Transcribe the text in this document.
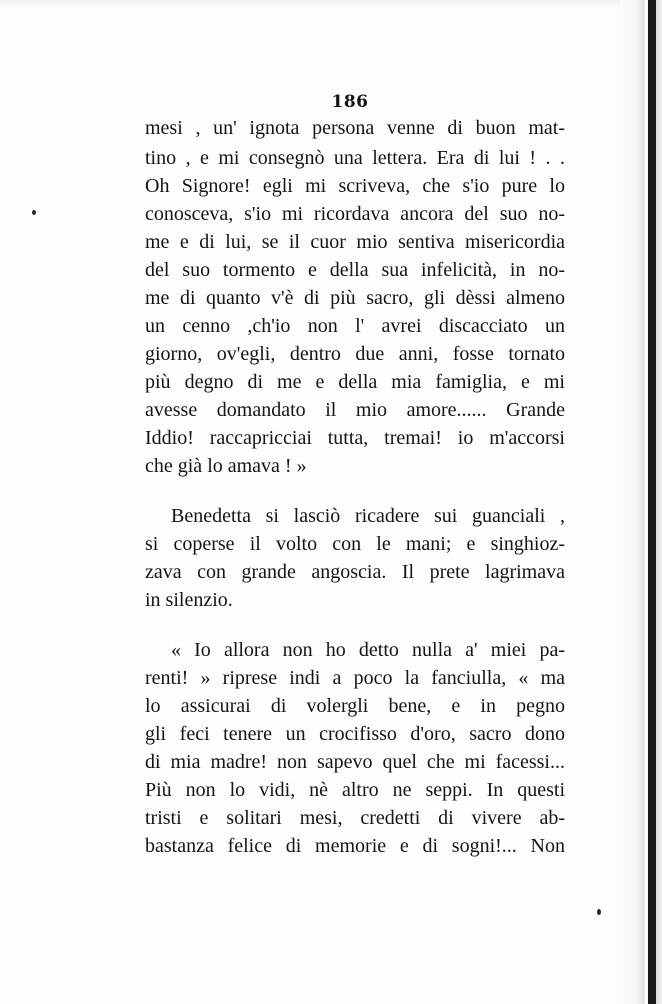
186
mesi , un' ignota persona venne di buon mat-
tino , e mi consegnò una lettera. Era di lui ! . .
Oh Signore! egli mi scriveva, che s'io pure lo
conosceva, s'io mi ricordava ancora del suo no-
me e di lui, se il cuor mio sentiva misericordia
del suo tormento e della sua infelicità, in no-
me di quanto v'è di più sacro, gli dèssi almeno
un cenno ,ch'io non l' avrei discacciato un
giorno, ov'egli, dentro due anni, fosse tornato
più degno di me e della mia famiglia, e mi
avesse domandato il mio amore...... Grande
Iddio! raccapricciai tutta, tremai! io m'accorsi
che già lo amava ! »
Benedetta si lasciò ricadere sui guanciali ,
si coperse il volto con le mani; e singhioz-
zava con grande angoscia. Il prete lagrimava
in silenzio.
« Io allora non ho detto nulla a' miei pa-
renti! » riprese indi a poco la fanciulla, « ma
lo assicurai di volergli bene, e in pegno
gli feci tenere un crocifisso d'oro, sacro dono
di mia madre! non sapevo quel che mi facessi...
Più non lo vidi, nè altro ne seppi. In questi
tristi e solitari mesi, credetti di vivere ab-
bastanza felice di memorie e di sogni!... Non
